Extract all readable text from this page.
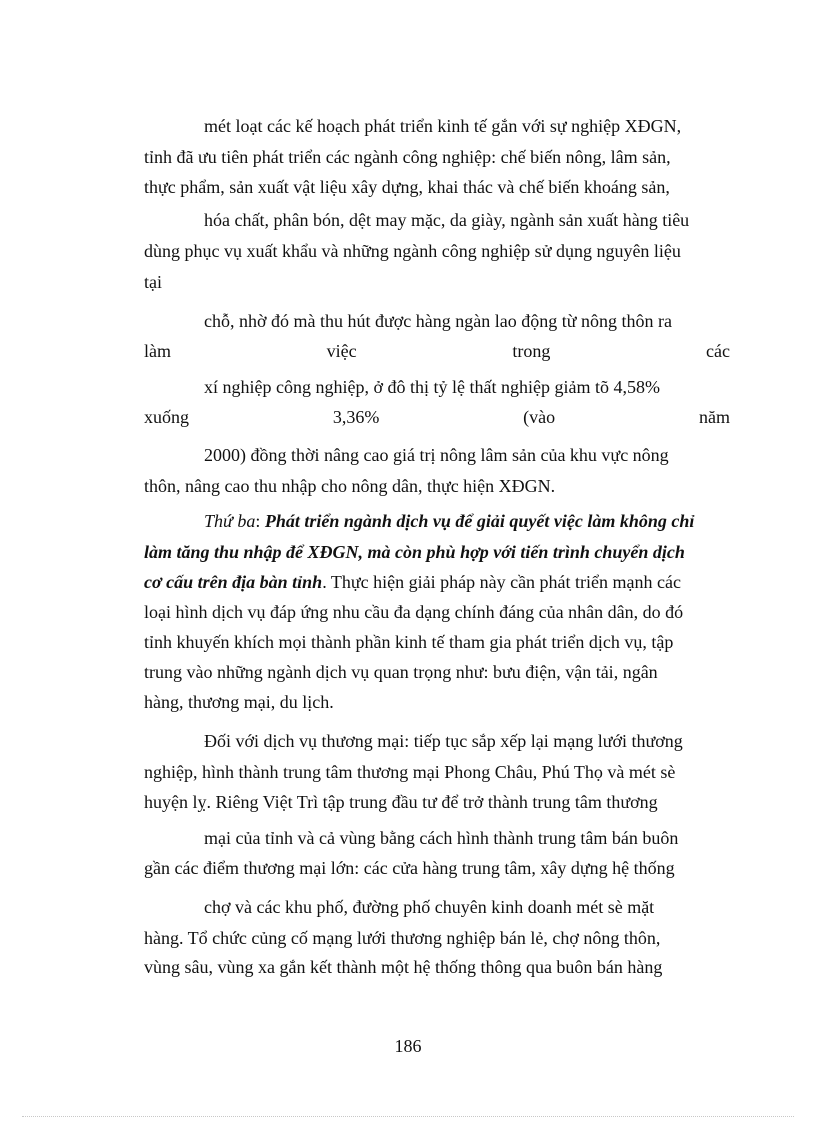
mét loạt các kế hoạch phát triển kinh tế gắn với sự nghiệp XĐGN,
tỉnh đã ưu tiên phát triển các ngành công nghiệp: chế biến nông, lâm sản,
thực phẩm, sản xuất vật liệu xây dựng, khai thác và chế biến khoáng sản,
hóa chất, phân bón, dệt may mặc, da giày, ngành sản xuất hàng tiêu
dùng phục vụ xuất khẩu và những ngành công nghiệp sử dụng nguyên liệu
tại
chỗ, nhờ đó mà thu hút được hàng ngàn lao động từ nông thôn ra
làm	việc	trong	các
xí nghiệp công nghiệp, ở đô thị tỷ lệ thất nghiệp giảm tõ 4,58%
xuống	3,36%	(vào	năm
2000) đồng thời nâng cao giá trị nông lâm sản của khu vực nông
thôn, nâng cao thu nhập cho nông dân, thực hiện XĐGN.
Thứ ba: Phát triển ngành dịch vụ để giải quyết việc làm không chỉ
làm tăng thu nhập để XĐGN, mà còn phù hợp với tiến trình chuyển dịch
cơ cấu trên địa bàn tỉnh. Thực hiện giải pháp này cần phát triển mạnh các
loại hình dịch vụ đáp ứng nhu cầu đa dạng chính đáng của nhân dân, do đó
tỉnh khuyến khích mọi thành phần kinh tế tham gia phát triển dịch vụ, tập
trung vào những ngành dịch vụ quan trọng như: bưu điện, vận tải, ngân
hàng, thương mại, du lịch.
Đối với dịch vụ thương mại: tiếp tục sắp xếp lại mạng lưới thương
nghiệp, hình thành trung tâm thương mại Phong Châu, Phú Thọ và mét sè
huyện lỵ. Riêng Việt Trì tập trung đầu tư để trở thành trung tâm thương
mại của tỉnh và cả vùng bằng cách hình thành trung tâm bán buôn
gần các điểm thương mại lớn: các cửa hàng trung tâm, xây dựng hệ thống
chợ và các khu phố, đường phố chuyên kinh doanh mét sè mặt
hàng. Tổ chức củng cố mạng lưới thương nghiệp bán lẻ, chợ nông thôn,
vùng sâu, vùng xa gắn kết thành một hệ thống thông qua buôn bán hàng
186
